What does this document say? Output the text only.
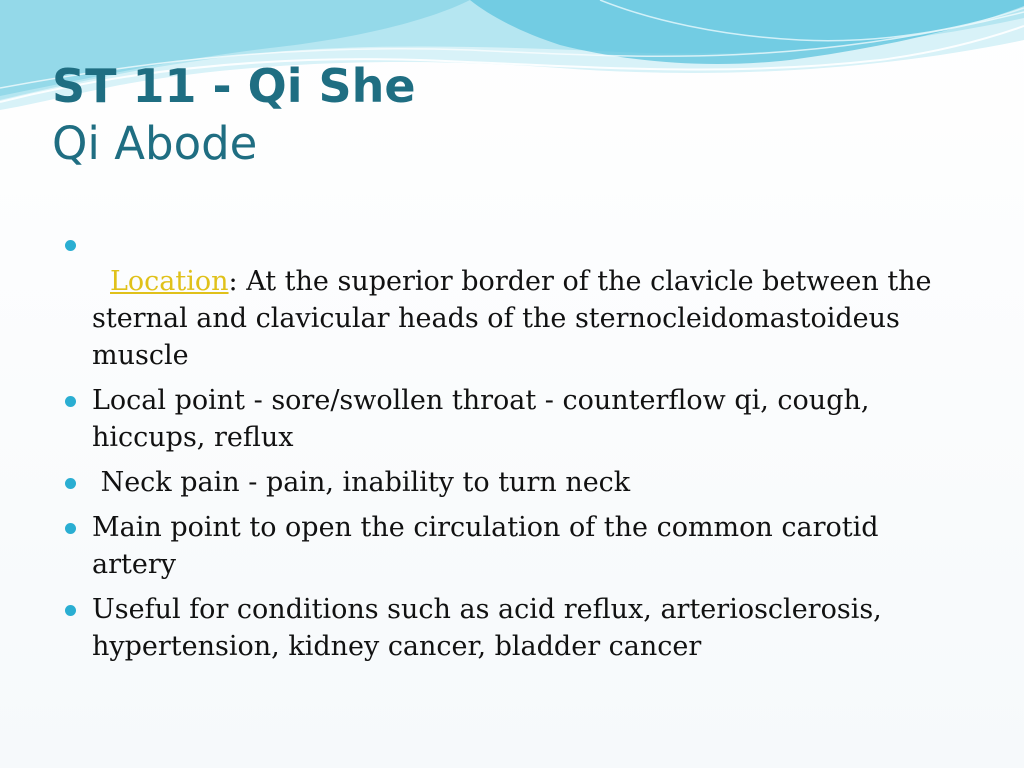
ST 11 - Qi She
Qi Abode
Location: At the superior border of the clavicle between the sternal and clavicular heads of the sternocleidomastoideus muscle
Local point - sore/swollen throat - counterflow qi, cough, hiccups, reflux
Neck pain - pain, inability to turn neck
Main point to open the circulation of the common carotid artery
Useful for conditions such as acid reflux, arteriosclerosis, hypertension, kidney cancer, bladder cancer
